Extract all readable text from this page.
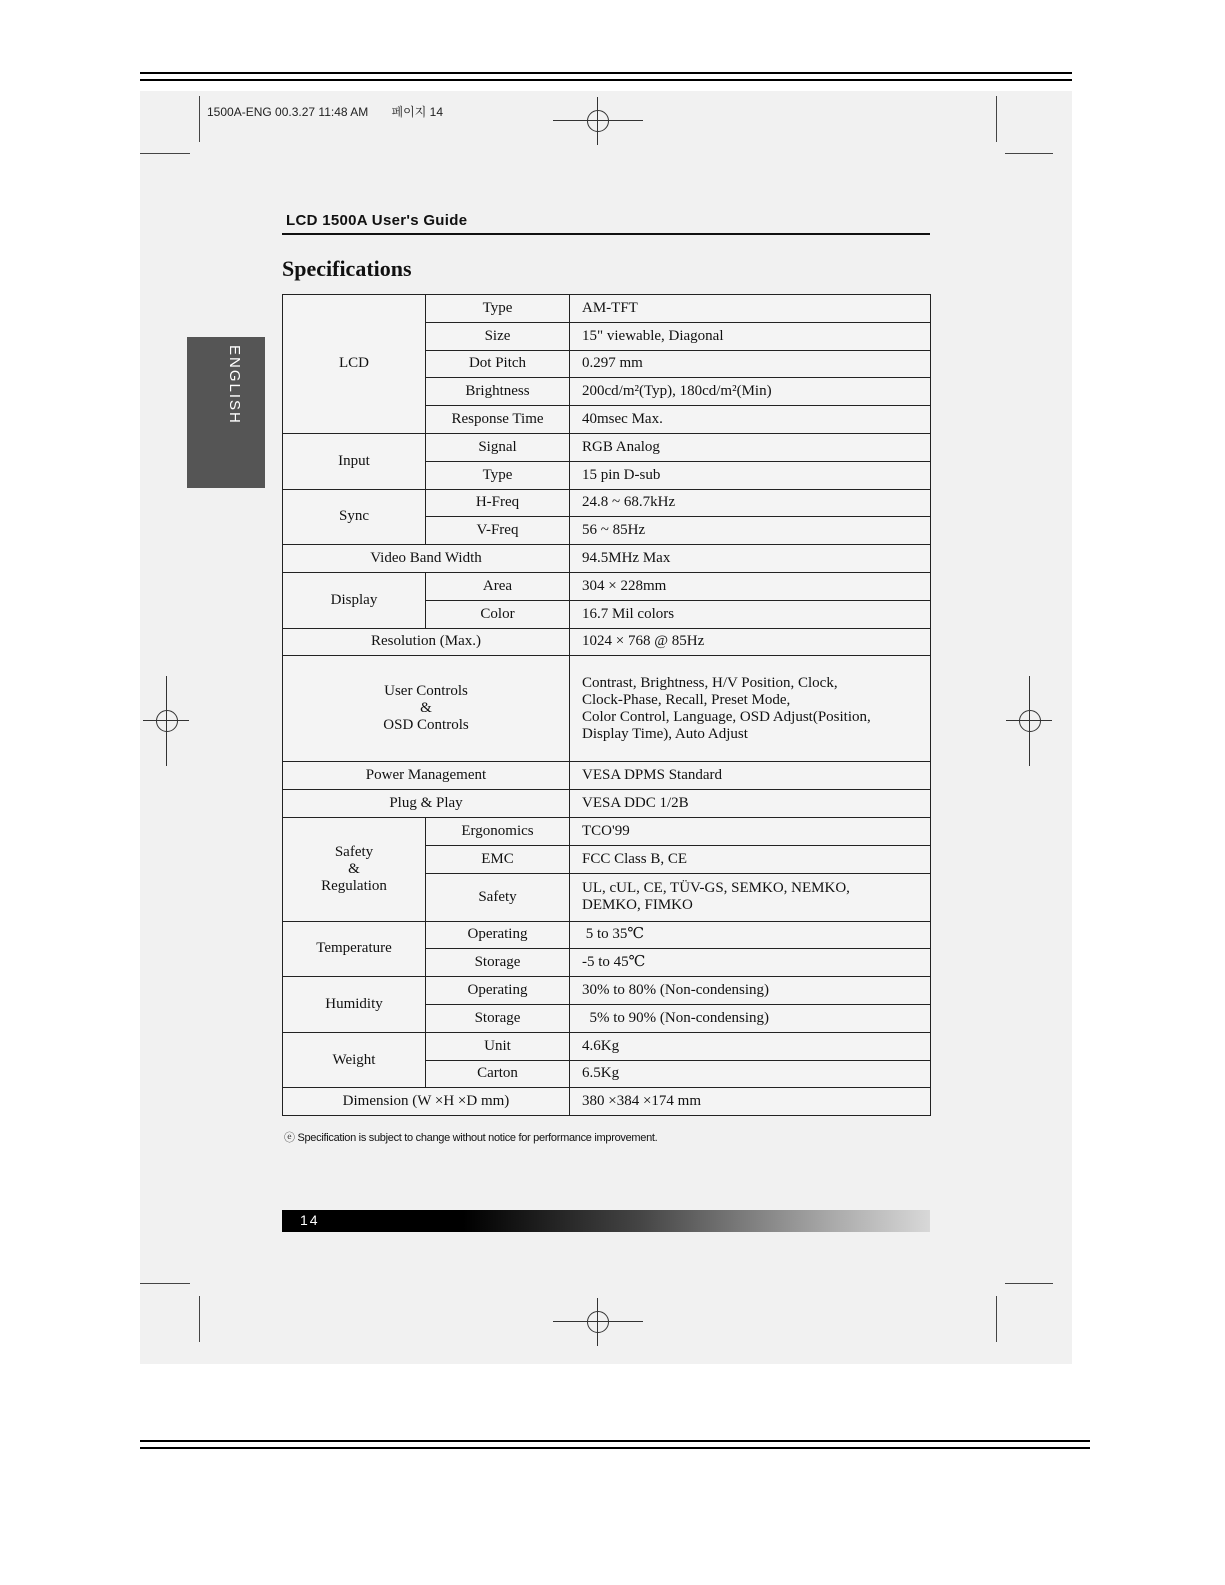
1500A-ENG 00.3.27 11:48 AM       페이지 14
LCD 1500A User's Guide
Specifications
ENGLISH	LCD	Type	AM-TFT
	Size	15" viewable, Diagonal
	Dot Pitch	0.297 mm
	Brightness	200cd/m²(Typ), 180cd/m²(Min)
	Response Time	40msec Max.
Input	Signal	RGB Analog
	Type	15 pin D-sub
Sync	H-Freq	24.8 ~ 68.7kHz
	V-Freq	56 ~ 85Hz
Video Band Width		94.5MHz Max
Display	Area	304 × 228mm
	Color	16.7 Mil colors
Resolution (Max.)		1024 × 768 @ 85Hz
User Controls
&
OSD Controls		Contrast, Brightness, H/V Position, Clock,
Clock-Phase, Recall, Preset Mode,
Color Control, Language, OSD Adjust(Position,
Display Time), Auto Adjust
Power Management		VESA DPMS Standard
Plug & Play		VESA DDC 1/2B
Safety
&
Regulation	Ergonomics	TCO'99
	EMC	FCC Class B, CE
	Safety	UL, cUL, CE, TÜV-GS, SEMKO, NEMKO,
DEMKO, FIMKO
Temperature	Operating	5 to 35℃
	Storage	-5 to 45℃
Humidity	Operating	30% to 80% (Non-condensing)
	Storage	5% to 90% (Non-condensing)
Weight	Unit	4.6Kg
	Carton	6.5Kg
Dimension (W ×H ×D mm)		380 ×384 ×174 mm
ⓔ Specification is subject to change without notice for performance improvement.
14
